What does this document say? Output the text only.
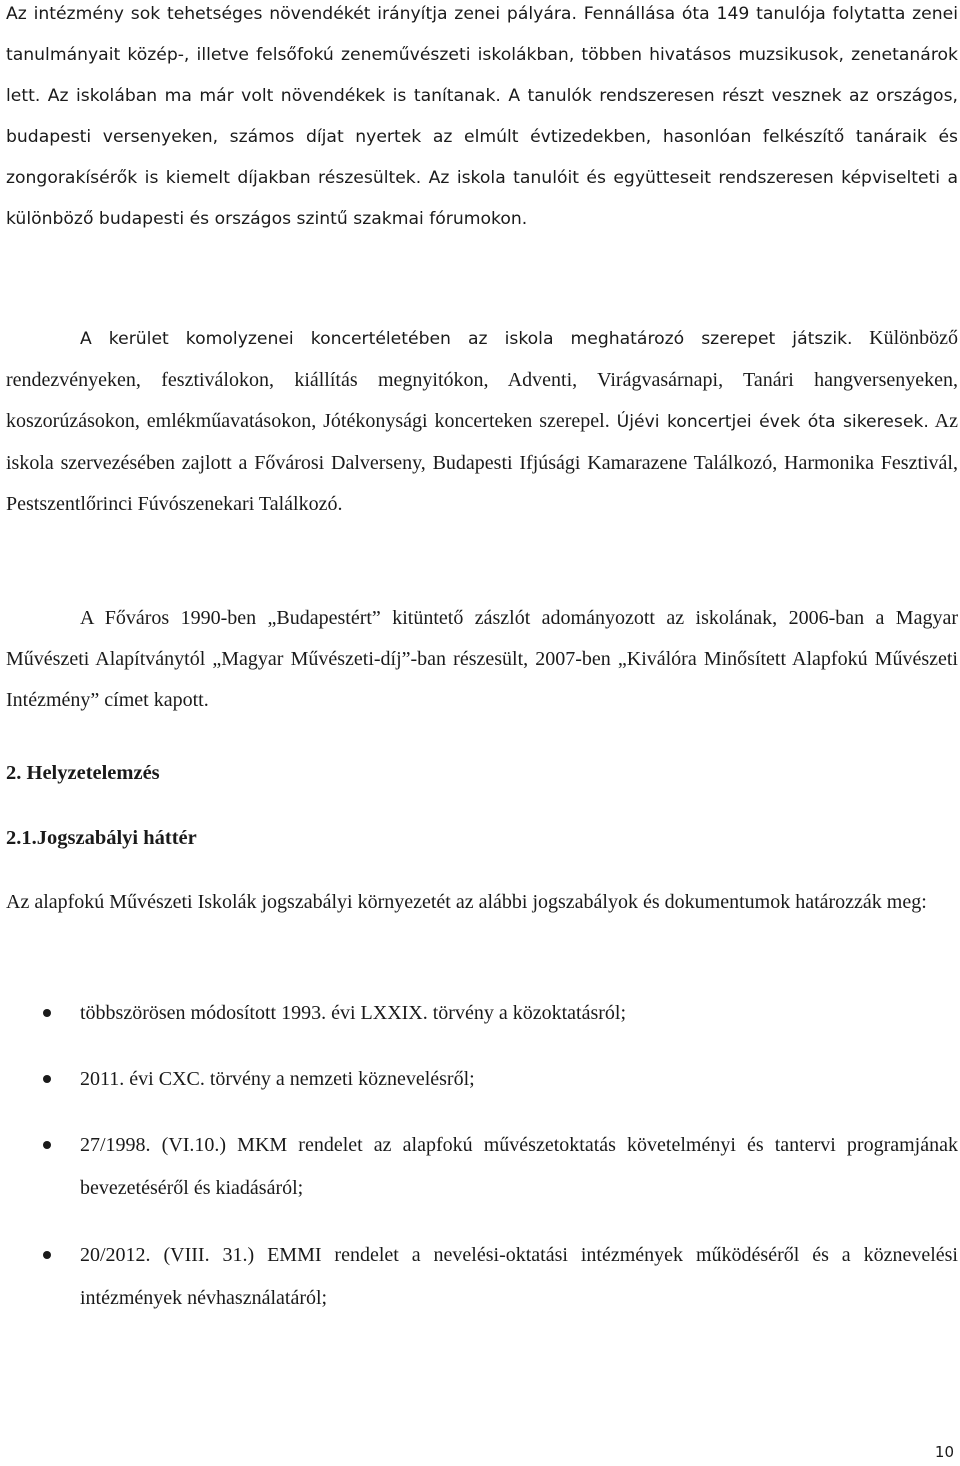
Az intézmény sok tehetséges növendékét irányítja zenei pályára. Fennállása óta 149 tanulója folytatta zenei tanulmányait közép-, illetve felsőfokú zeneművészeti iskolákban, többen hivatásos muzsikusok, zenetanárok lett. Az iskolában ma már volt növendékek is tanítanak. A tanulók rendszeresen részt vesznek az országos, budapesti versenyeken, számos díjat nyertek az elmúlt évtizedekben, hasonlóan felkészítő tanáraik és zongorakísérők is kiemelt díjakban részesültek. Az iskola tanulóit és együtteseit rendszeresen képviselteti a különböző budapesti és országos szintű szakmai fórumokon.

A kerület komolyzenei koncertéletében az iskola meghatározó szerepet játszik. Különböző rendezvényeken, fesztiválokon, kiállítás megnyitókon, Adventi, Virágvasárnapi, Tanári hangversenyeken, koszorúzásokon, emlékműavatásokon, Jótékonysági koncerteken szerepel. Újévi koncertjei évek óta sikeresek. Az iskola szervezésében zajlott a Fővárosi Dalverseny, Budapesti Ifjúsági Kamarazene Találkozó, Harmonika Fesztivál, Pestszentlőrinci Fúvószenekari Találkozó.

A Főváros 1990-ben „Budapestért” kitüntető zászlót adományozott az iskolának, 2006-ban a Magyar Művészeti Alapítványtól „Magyar Művészeti-díj”-ban részesült, 2007-ben „Kiválóra Minősített Alapfokú Művészeti Intézmény” címet kapott.

2. Helyzetelemzés
2.1.Jogszabályi háttér

Az alapfokú Művészeti Iskolák jogszabályi környezetét az alábbi jogszabályok és dokumentumok határozzák meg:

többszörösen módosított 1993. évi LXXIX. törvény a közoktatásról;
2011. évi CXC. törvény a nemzeti köznevelésről;
27/1998. (VI.10.) MKM rendelet az alapfokú művészetoktatás követelményi és tantervi programjának bevezetéséről és kiadásáról;
20/2012. (VIII. 31.) EMMI rendelet a nevelési-oktatási intézmények működéséről és a köznevelési intézmények névhasználatáról;
10
